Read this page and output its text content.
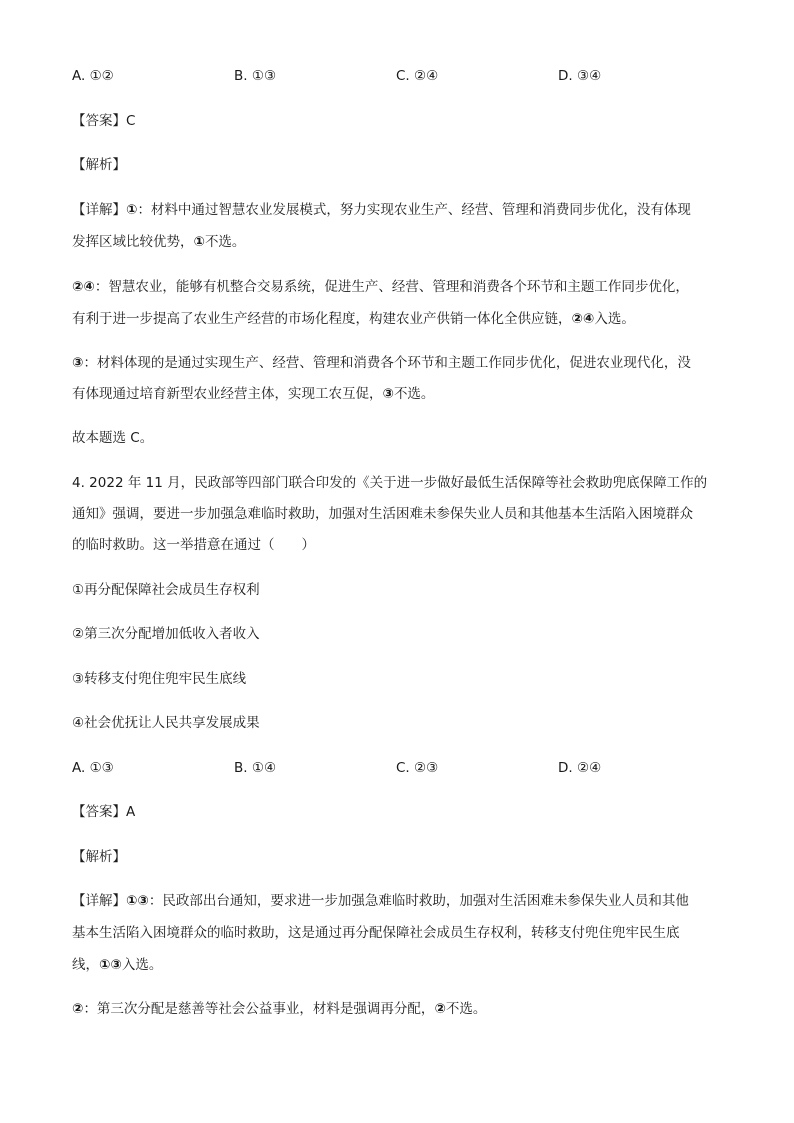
A. ①②	B. ①③	C. ②④	D. ③④
【答案】C
【解析】
【详解】①：材料中通过智慧农业发展模式，努力实现农业生产、经营、管理和消费同步优化，没有体现
发挥区域比较优势，①不选。
②④：智慧农业，能够有机整合交易系统，促进生产、经营、管理和消费各个环节和主题工作同步优化，
有利于进一步提高了农业生产经营的市场化程度，构建农业产供销一体化全供应链，②④入选。
③：材料体现的是通过实现生产、经营、管理和消费各个环节和主题工作同步优化，促进农业现代化，没
有体现通过培育新型农业经营主体，实现工农互促，③不选。
故本题选 C。
4. 2022 年 11 月，民政部等四部门联合印发的《关于进一步做好最低生活保障等社会救助兜底保障工作的
通知》强调，要进一步加强急难临时救助，加强对生活困难未参保失业人员和其他基本生活陷入困境群众
的临时救助。这一举措意在通过（　　）
①再分配保障社会成员生存权利
②第三次分配增加低收入者收入
③转移支付兜住兜牢民生底线
④社会优抚让人民共享发展成果
A. ①③	B. ①④	C. ②③	D. ②④
【答案】A
【解析】
【详解】①③：民政部出台通知，要求进一步加强急难临时救助，加强对生活困难未参保失业人员和其他
基本生活陷入困境群众的临时救助，这是通过再分配保障社会成员生存权利，转移支付兜住兜牢民生底
线，①③入选。
②：第三次分配是慈善等社会公益事业，材料是强调再分配，②不选。
